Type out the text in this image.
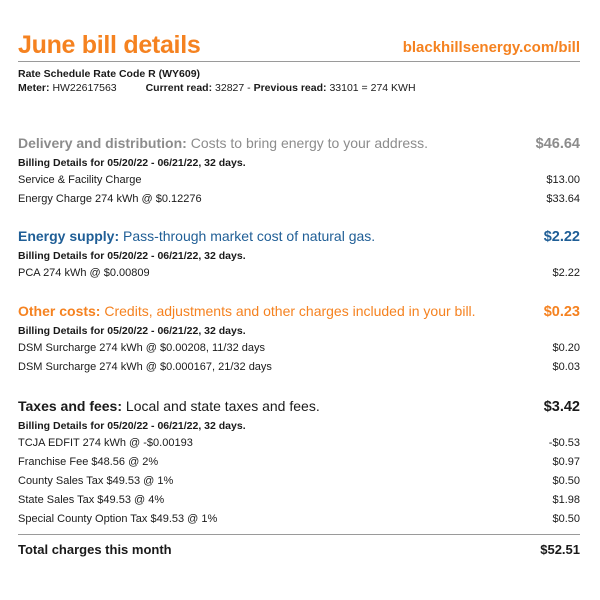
June bill details	blackhillsenergy.com/bill
Rate Schedule Rate Code R (WY609)
Meter: HW22617563	Current read: 32827 - Previous read: 33101 = 274 KWH
Delivery and distribution: Costs to bring energy to your address.	$46.64
Billing Details for 05/20/22 - 06/21/22, 32 days.
Service & Facility Charge	$13.00
Energy Charge 274 kWh @ $0.12276	$33.64
Energy supply: Pass-through market cost of natural gas.	$2.22
Billing Details for 05/20/22 - 06/21/22, 32 days.
PCA 274 kWh @ $0.00809	$2.22
Other costs: Credits, adjustments and other charges included in your bill.	$0.23
Billing Details for 05/20/22 - 06/21/22, 32 days.
DSM Surcharge 274 kWh @ $0.00208, 11/32 days	$0.20
DSM Surcharge 274 kWh @ $0.000167, 21/32 days	$0.03
Taxes and fees: Local and state taxes and fees.	$3.42
Billing Details for 05/20/22 - 06/21/22, 32 days.
TCJA EDFIT 274 kWh @ -$0.00193	-$0.53
Franchise Fee $48.56 @ 2%	$0.97
County Sales Tax $49.53 @ 1%	$0.50
State Sales Tax $49.53 @ 4%	$1.98
Special County Option Tax $49.53 @ 1%	$0.50
Total charges this month	$52.51
